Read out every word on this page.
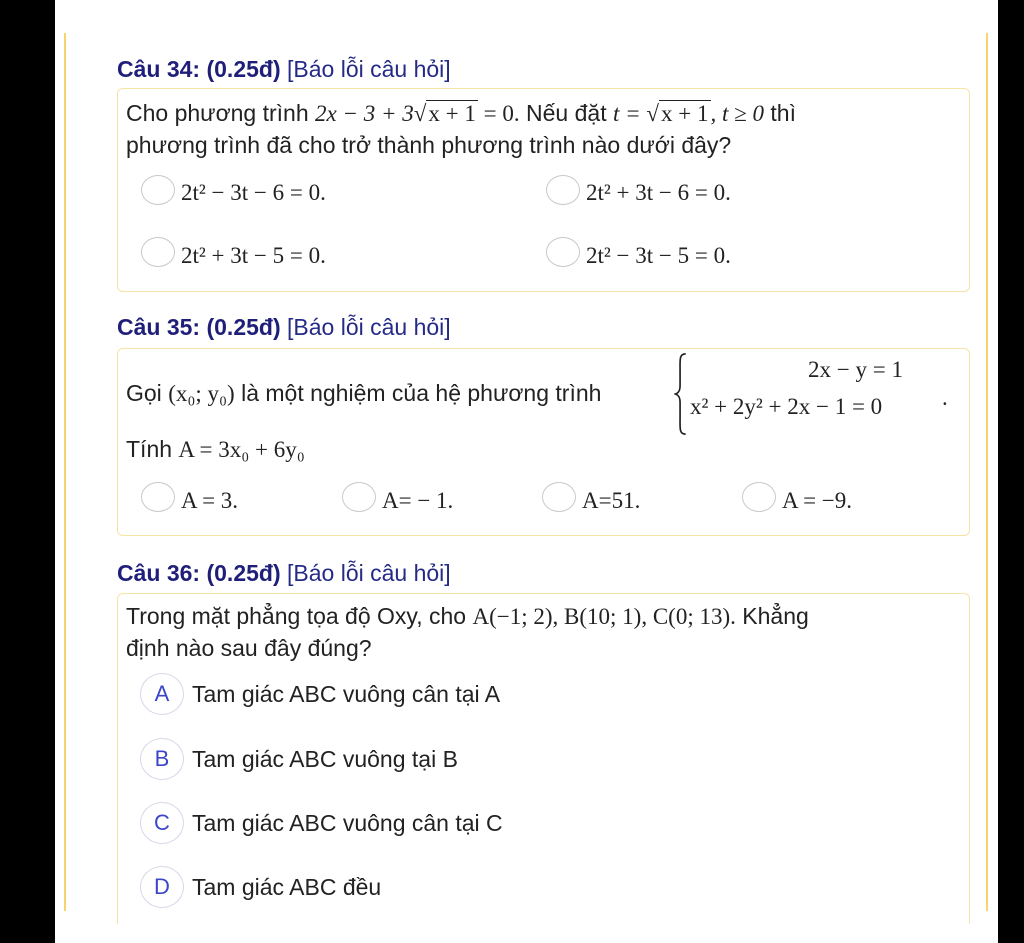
Câu 34: (0.25đ) [Báo lỗi câu hỏi]
Cho phương trình 2x − 3 + 3√x + 1 = 0. Nếu đặt t = √x + 1, t ≥ 0 thì
phương trình đã cho trở thành phương trình nào dưới đây?
2t² − 3t − 6 = 0.	2t² + 3t − 6 = 0.
2t² + 3t − 5 = 0.	2t² − 3t − 5 = 0.
Câu 35: (0.25đ) [Báo lỗi câu hỏi]
Gọi (x₀; y₀) là một nghiệm của hệ phương trình
2x − y = 1
x² + 2y² + 2x − 1 = 0	.
Tính A = 3x₀ + 6y₀
A = 3.	A= − 1.	A=51.	A = −9.
Câu 36: (0.25đ) [Báo lỗi câu hỏi]
Trong mặt phẳng tọa độ Oxy, cho A(−1; 2), B(10; 1), C(0; 13). Khẳng
định nào sau đây đúng?
A Tam giác ABC vuông cân tại A
B Tam giác ABC vuông tại B
C Tam giác ABC vuông cân tại C
D Tam giác ABC đều
